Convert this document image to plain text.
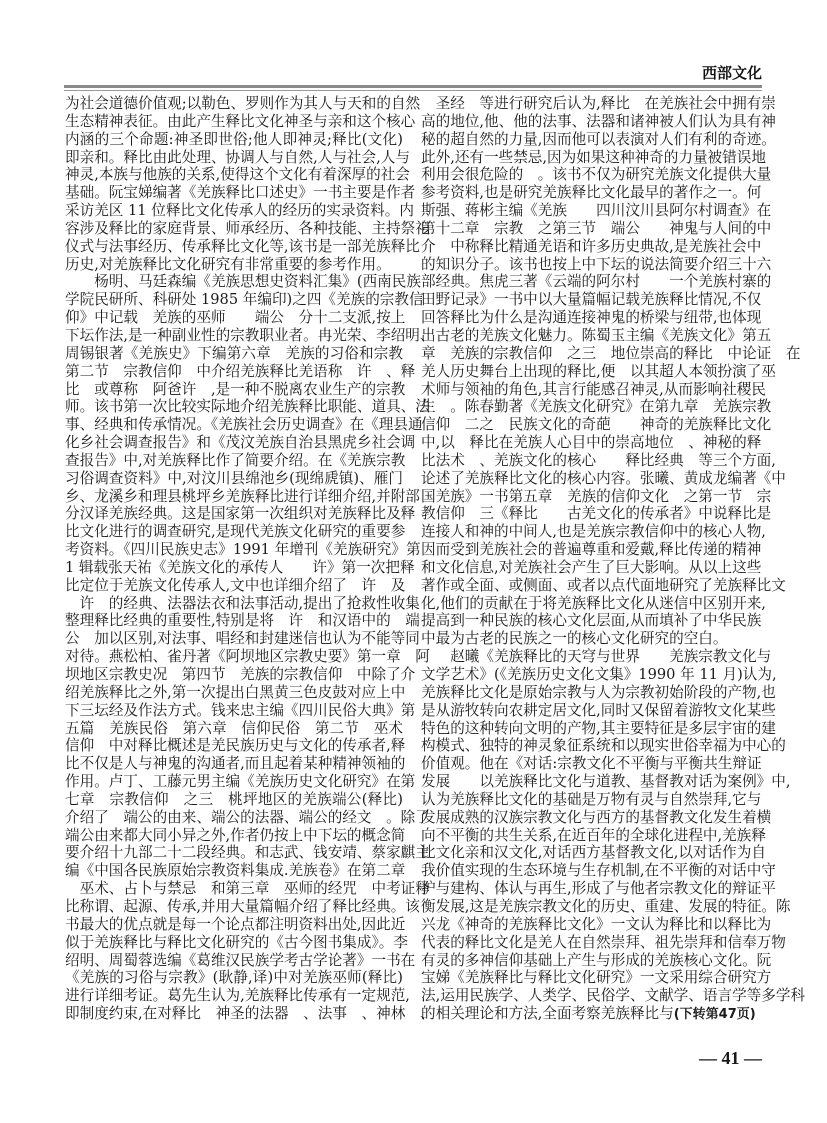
西部文化
为社会道德价值观;以勒色、罗则作为其人与天和的自然
生态精神表征。由此产生释比文化神圣与亲和这个核心
内涵的三个命题:神圣即世俗;他人即神灵;释比(文化)
即亲和。释比由此处理、协调人与自然,人与社会,人与
神灵,本族与他族的关系,使得这个文化有着深厚的社会
基础。阮宝娣编著《羌族释比口述史》一书主要是作者
采访羌区 11 位释比文化传承人的经历的实录资料。内
容涉及释比的家庭背景、师承经历、各种技能、主持祭祀
仪式与法事经历、传承释比文化等,该书是一部羌族释比
历史,对羌族释比文化研究有非常重要的参考作用。
　　杨明、马廷森编《羌族思想史资料汇集》(西南民族
学院民研所、科研处 1985 年编印)之四《羌族的宗教信
仰》中记载　羌族的巫师　　端公　分十二支派,按上
下坛作法,是一种副业性的宗教职业者。冉光荣、李绍明、
周锡银著《羌族史》下编第六章　羌族的习俗和宗教
第二节　宗教信仰　中介绍羌族释比羌语称　许　、释
比　或尊称　阿爸许　,是一种不脱离农业生产的宗教
师。该书第一次比较实际地介绍羌族释比职能、道具、法
事、经典和传承情况。《羌族社会历史调查》在《理县通
化乡社会调查报告》和《茂汶羌族自治县黑虎乡社会调
查报告》中,对羌族释比作了简要介绍。在《羌族宗教
习俗调查资料》中,对汶川县绵池乡(现绵虒镇)、雁门
乡、龙溪乡和理县桃坪乡羌族释比进行详细介绍,并附部
分汉译羌族经典。这是国家第一次组织对羌族释比及释
比文化进行的调查研究,是现代羌族文化研究的重要参
考资料。《四川民族史志》1991 年增刊《羌族研究》第
1 辑载张天祐《羌族文化的承传人　　许》第一次把释
比定位于羌族文化传承人,文中也详细介绍了　许　及
　许　的经典、法器法衣和法事活动,提出了抢救性收集
整理释比经典的重要性,特别是将　许　和汉语中的　端
公　加以区别,对法事、唱经和封建迷信也认为不能等同
对待。燕松柏、雀丹著《阿坝地区宗教史要》第一章　阿
坝地区宗教史况　第四节　羌族的宗教信仰　中除了介
绍羌族释比之外,第一次提出白黑黄三色皮鼓对应上中
下三坛经及作法方式。钱来忠主编《四川民俗大典》第
五篇　羌族民俗　第六章　信仰民俗　第二节　巫术
信仰　中对释比概述是羌民族历史与文化的传承者,释
比不仅是人与神鬼的沟通者,而且起着某种精神领袖的
作用。卢丁、工藤元男主编《羌族历史文化研究》在第
七章　宗教信仰　之三　桃坪地区的羌族端公(释比)
介绍了　端公的由来、端公的法器、端公的经文　。除了
端公由来都大同小异之外,作者仍按上中下坛的概念简
要介绍十九部二十二段经典。和志武、钱安靖、蔡家麒主
编《中国各民族原始宗教资料集成.羌族卷》在第二章
　巫术、占卜与禁忌　和第三章　巫师的经咒　中考证释
比称谓、起源、传承,并用大量篇幅介绍了释比经典。该
书最大的优点就是每一个论点都注明资料出处,因此近
似于羌族释比与释比文化研究的《古今图书集成》。李
绍明、周蜀蓉选编《葛维汉民族学考古学论著》一书在
《羌族的习俗与宗教》(耿静,译)中对羌族巫师(释比)
进行详细考证。葛先生认为,羌族释比传承有一定规范,
即制度约束,在对释比　神圣的法器　、法事　、神林　、
　圣经　等进行研究后认为,释比　在羌族社会中拥有崇
高的地位,他、他的法事、法器和诸神被人们认为具有神
秘的超自然的力量,因而他可以表演对人们有利的奇迹。
此外,还有一些禁忌,因为如果这种神奇的力量被错误地
利用会很危险的　。该书不仅为研究羌族文化提供大量
参考资料,也是研究羌族释比文化最早的著作之一。何
斯强、蒋彬主编《羌族　　四川汶川县阿尔村调查》在
第十二章　宗教　之第三节　端公　　神鬼与人间的中
介　中称释比精通羌语和许多历史典故,是羌族社会中
的知识分子。该书也按上中下坛的说法简要介绍三十六
部经典。焦虎三著《云端的阿尔村　　一个羌族村寨的
田野记录》一书中以大量篇幅记载羌族释比情况,不仅
回答释比为什么是沟通连接神鬼的桥梁与纽带,也体现
出古老的羌族文化魅力。陈蜀玉主编《羌族文化》第五
章　羌族的宗教信仰　之三　地位崇高的释比　中论证　在
羌人历史舞台上出现的释比,便　以其超人本领扮演了巫
术师与领袖的角色,其言行能感召神灵,从而影响社稷民
生　。陈春勤著《羌族文化研究》在第九章　羌族宗教
信仰　二之　民族文化的奇葩　　神奇的羌族释比文化
中,以　释比在羌族人心目中的崇高地位　、神秘的释
比法术　、羌族文化的核心　　释比经典　等三个方面,
论述了羌族释比文化的核心内容。张曦、黄成龙编著《中
国羌族》一书第五章　羌族的信仰文化　之第一节　宗
教信仰　三《释比　　古羌文化的传承者》中说释比是
连接人和神的中间人,也是羌族宗教信仰中的核心人物,
因而受到羌族社会的普遍尊重和爱戴,释比传递的精神
和文化信息,对羌族社会产生了巨大影响。从以上这些
著作或全面、或侧面、或者以点代面地研究了羌族释比文
化,他们的贡献在于将羌族释比文化从迷信中区别开来,
提高到一种民族的核心文化层面,从而填补了中华民族
中最为古老的民族之一的核心文化研究的空白。
　　赵曦《羌族释比的天穹与世界　　羌族宗教文化与
文学艺术》(《羌族历史文化文集》1990 年 11 月)认为,
羌族释比文化是原始宗教与人为宗教初始阶段的产物,也
是从游牧转向农耕定居文化,同时又保留着游牧文化某些
特色的这种转向文明的产物,其主要特征是多层宇宙的建
构模式、独特的神灵象征系统和以现实世俗幸福为中心的
价值观。他在《对话:宗教文化不平衡与平衡共生辩证
发展　　以羌族释比文化与道教、基督教对话为案例》中,
认为羌族释比文化的基础是万物有灵与自然崇拜,它与
发展成熟的汉族宗教文化与西方的基督教文化发生着横
向不平衡的共生关系,在近百年的全球化进程中,羌族释
比文化亲和汉文化,对话西方基督教文化,以对话作为自
我价值实现的生态环境与生存机制,在不平衡的对话中守
护与建构、体认与再生,形成了与他者宗教文化的辩证平
衡发展,这是羌族宗教文化的历史、重建、发展的特征。陈
兴龙《神奇的羌族释比文化》一文认为释比和以释比为
代表的释比文化是羌人在自然崇拜、祖先崇拜和信奉万物
有灵的多神信仰基础上产生与形成的羌族核心文化。阮
宝娣《羌族释比与释比文化研究》一文采用综合研究方
法,运用民族学、人类学、民俗学、文献学、语言学等多学科
的相关理论和方法,全面考察羌族释比与(下转第47页)
— 41 —
